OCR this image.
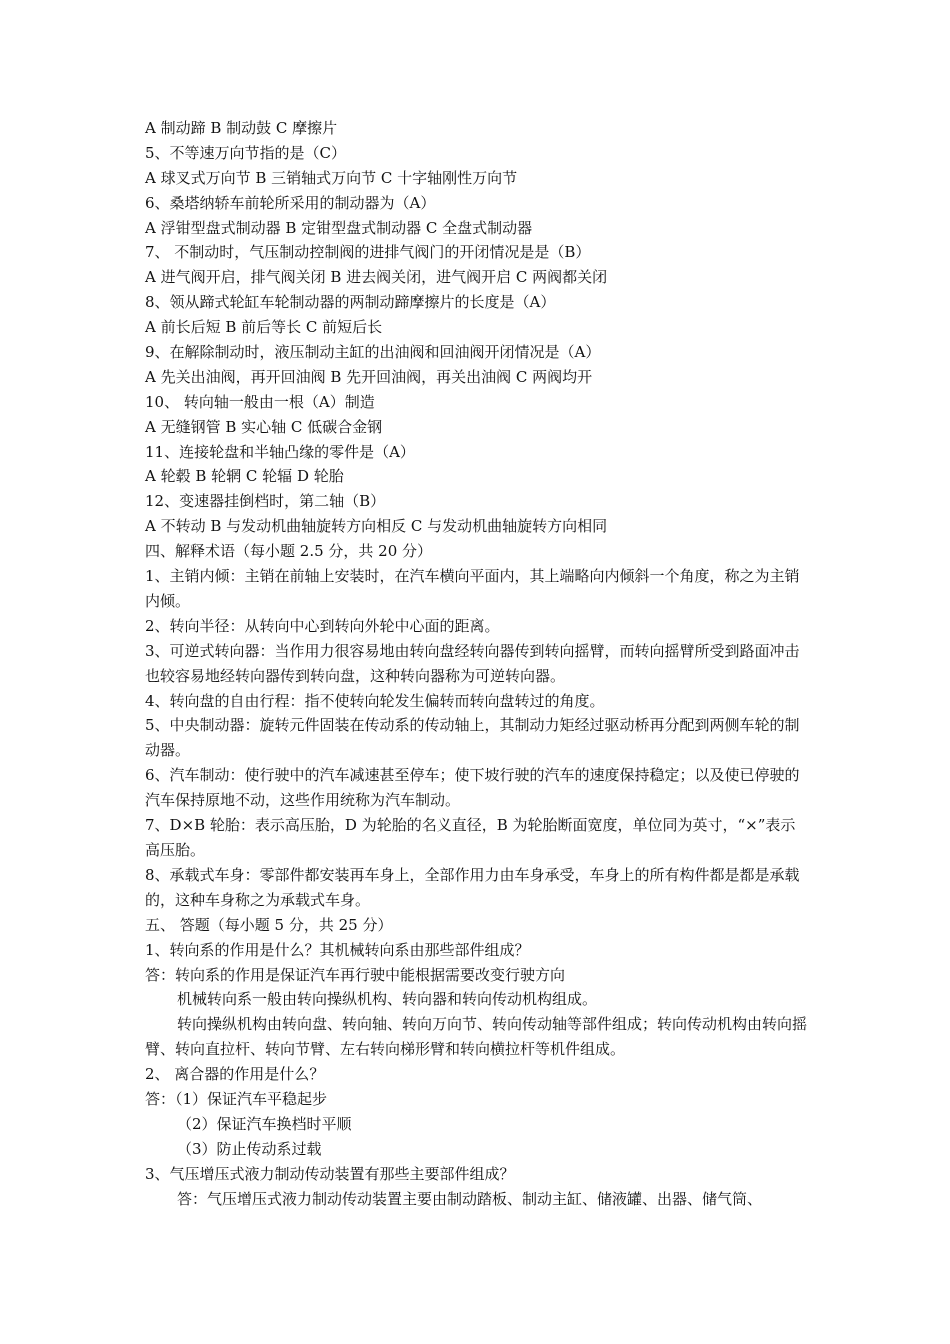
A 制动蹄 B 制动鼓 C 摩擦片
5、不等速万向节指的是（C）
A 球叉式万向节 B 三销轴式万向节 C 十字轴刚性万向节
6、桑塔纳轿车前轮所采用的制动器为（A）
A 浮钳型盘式制动器 B 定钳型盘式制动器 C 全盘式制动器
7、 不制动时，气压制动控制阀的进排气阀门的开闭情况是是（B）
A 进气阀开启，排气阀关闭 B 进去阀关闭，进气阀开启 C 两阀都关闭
8、领从蹄式轮缸车轮制动器的两制动蹄摩擦片的长度是（A）
A 前长后短 B 前后等长 C 前短后长
9、在解除制动时，液压制动主缸的出油阀和回油阀开闭情况是（A）
A 先关出油阀，再开回油阀 B 先开回油阀，再关出油阀 C 两阀均开
10、 转向轴一般由一根（A）制造
A 无缝钢管 B 实心轴 C 低碳合金钢
11、连接轮盘和半轴凸缘的零件是（A）
A 轮毂 B 轮辋 C 轮辐 D 轮胎
12、变速器挂倒档时，第二轴（B）
A 不转动 B 与发动机曲轴旋转方向相反 C 与发动机曲轴旋转方向相同
四、解释术语（每小题 2.5 分，共 20 分）
1、主销内倾：主销在前轴上安装时，在汽车横向平面内，其上端略向内倾斜一个角度，称之为主销内倾。
2、转向半径：从转向中心到转向外轮中心面的距离。
3、可逆式转向器：当作用力很容易地由转向盘经转向器传到转向摇臂，而转向摇臂所受到路面冲击也较容易地经转向器传到转向盘，这种转向器称为可逆转向器。
4、转向盘的自由行程：指不使转向轮发生偏转而转向盘转过的角度。
5、中央制动器：旋转元件固装在传动系的传动轴上，其制动力矩经过驱动桥再分配到两侧车轮的制动器。
6、汽车制动：使行驶中的汽车减速甚至停车；使下坡行驶的汽车的速度保持稳定；以及使已停驶的汽车保持原地不动，这些作用统称为汽车制动。
7、D×B 轮胎：表示高压胎，D 为轮胎的名义直径，B 为轮胎断面宽度，单位同为英寸，“×”表示高压胎。
8、承载式车身：零部件都安装再车身上，全部作用力由车身承受，车身上的所有构件都是都是承载的，这种车身称之为承载式车身。
五、 答题（每小题 5 分，共 25 分）
1、转向系的作用是什么？其机械转向系由那些部件组成？
答：转向系的作用是保证汽车再行驶中能根据需要改变行驶方向
机械转向系一般由转向操纵机构、转向器和转向传动机构组成。
转向操纵机构由转向盘、转向轴、转向万向节、转向传动轴等部件组成；转向传动机构由转向摇臂、转向直拉杆、转向节臂、左右转向梯形臂和转向横拉杆等机件组成。
2、 离合器的作用是什么？
答：（1）保证汽车平稳起步
（2）保证汽车换档时平顺
（3）防止传动系过载
3、气压增压式液力制动传动装置有那些主要部件组成？
答：气压增压式液力制动传动装置主要由制动踏板、制动主缸、储液罐、出器、储气筒、
